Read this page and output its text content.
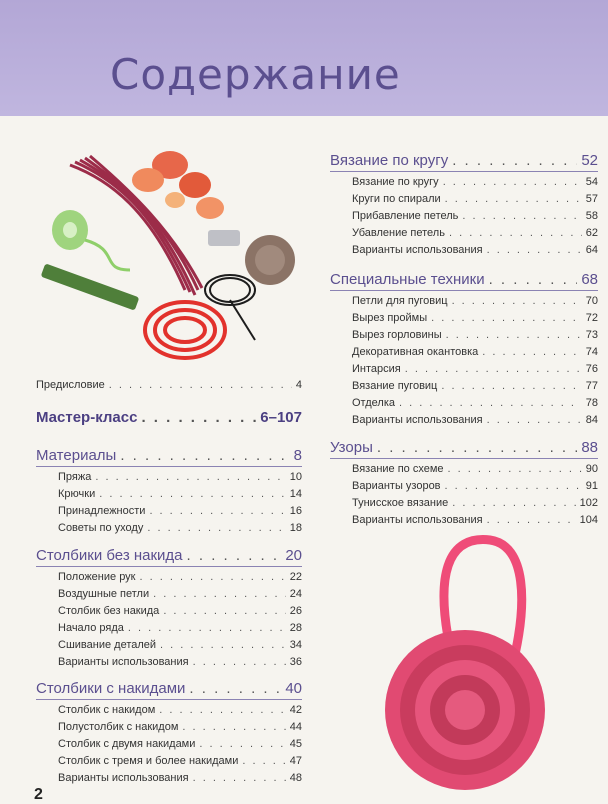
Содержание
Предисловие . . .	4
Мастер-класс . . .	6–107
Материалы . . .	8
Пряжа . . .	10
Крючки . . .	14
Принадлежности . . .	16
Советы по уходу . . .	18
Столбики без накида . . .	20
Положение рук . . .	22
Воздушные петли . . .	24
Столбик без накида . . .	26
Начало ряда . . .	28
Сшивание деталей . . .	34
Варианты использования . . .	36
Столбики с накидами . . .	40
Столбик с накидом . . .	42
Полустолбик с накидом . . .	44
Столбик с двумя накидами . . .	45
Столбик с тремя и более накидами . . .	47
Варианты использования . . .	48
Вязание по кругу . . .	52
Вязание по кругу . . .	54
Круги по спирали . . .	57
Прибавление петель . . .	58
Убавление петель . . .	62
Варианты использования . . .	64
Специальные техники . . .	68
Петли для пуговиц . . .	70
Вырез проймы . . .	72
Вырез горловины . . .	73
Декоративная окантовка . . .	74
Интарсия . . .	76
Вязание пуговиц . . .	77
Отделка . . .	78
Варианты использования . . .	84
Узоры . . .	88
Вязание по схеме . . .	90
Варианты узоров . . .	91
Тунисское вязание . . .	102
Варианты использования . . .	104
2
